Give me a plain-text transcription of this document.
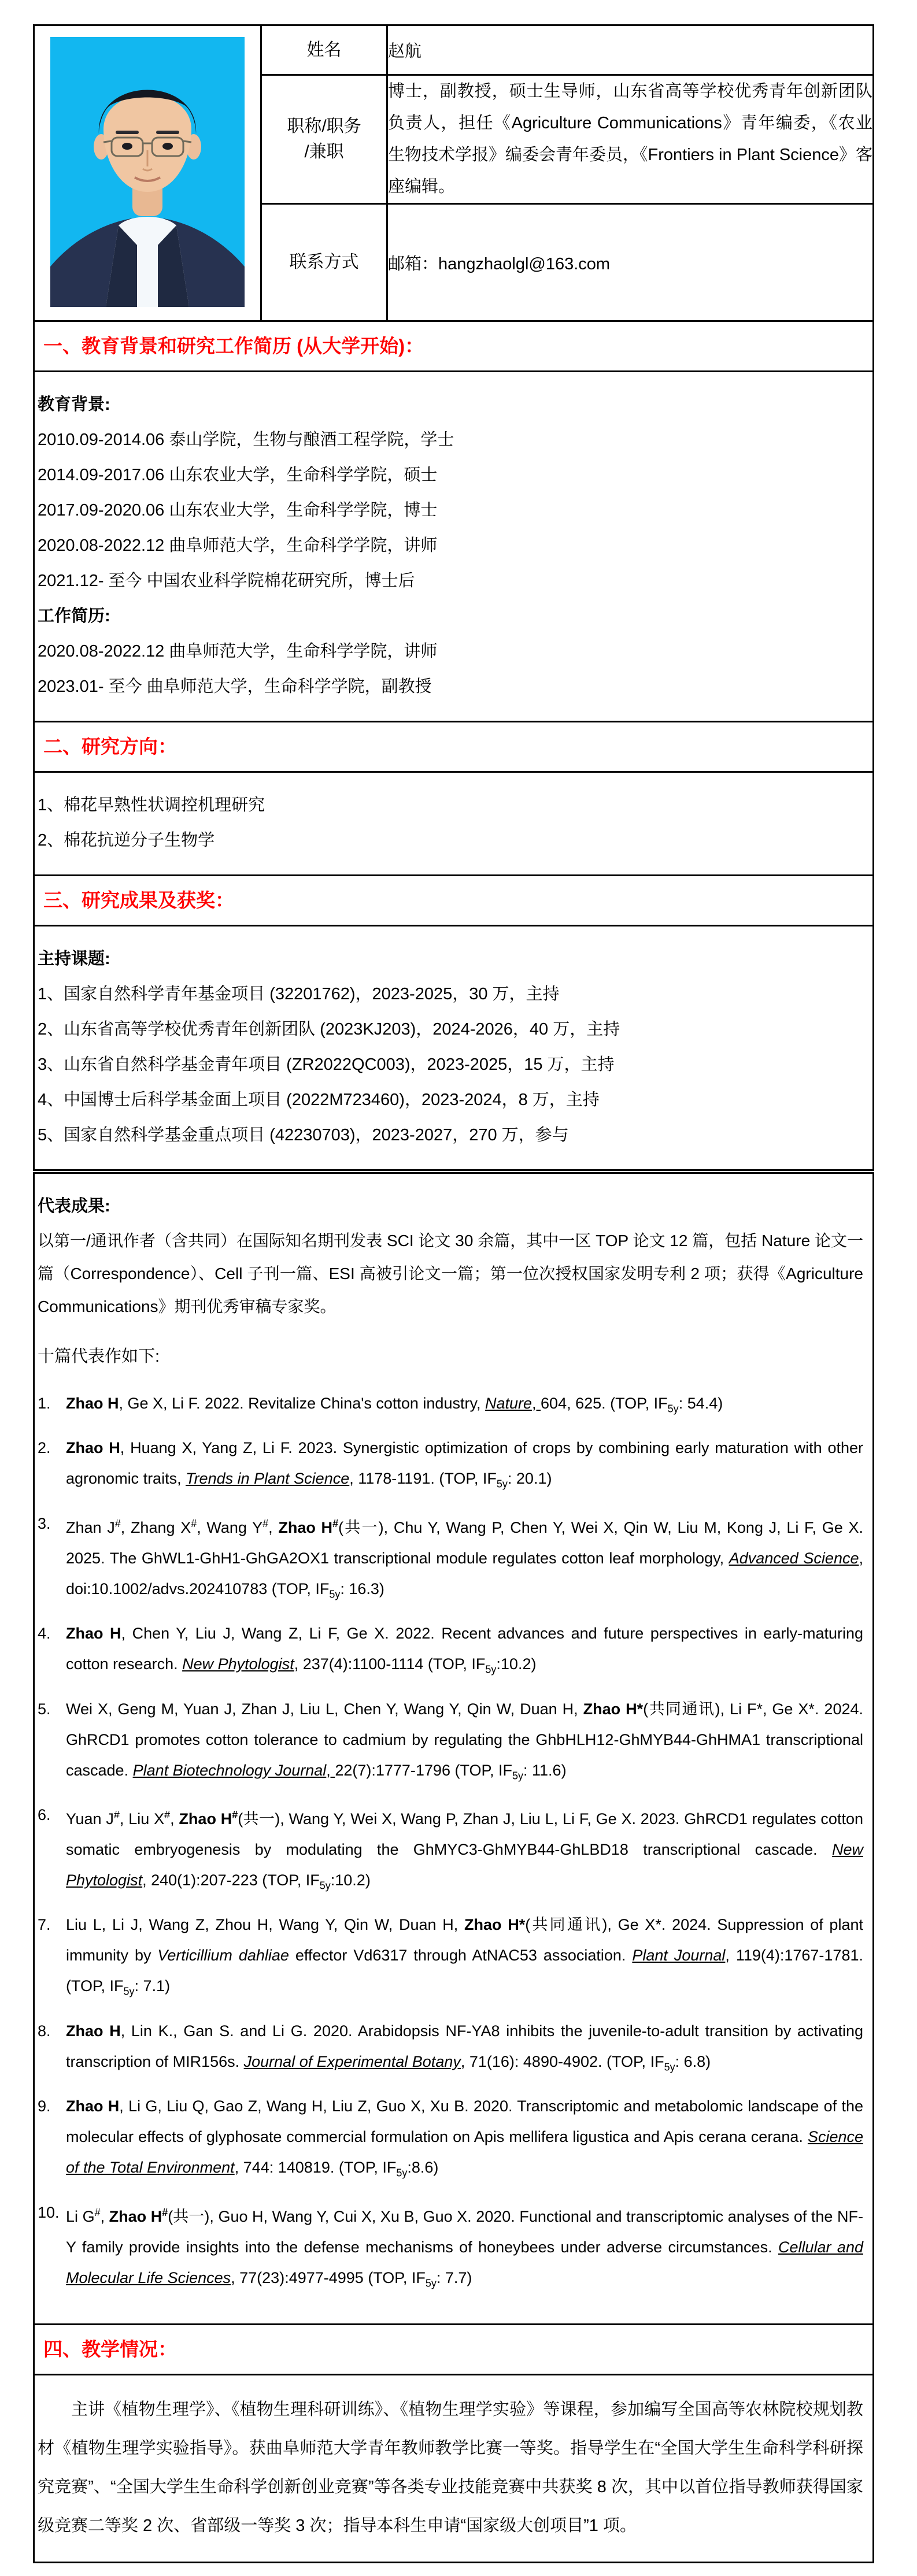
	姓名	赵航

	职称/职务
/兼职	博士，副教授，硕士生导师，山东省高等学校优秀青年创新团队负责人，担任《Agriculture Communications》青年编委，《农业生物技术学报》编委会青年委员，《Frontiers in Plant Science》客座编辑。

	联系方式	邮箱：hangzhaolgl@163.com
一、教育背景和研究工作简历 (从大学开始)：
教育背景:
2010.09-2014.06 泰山学院，生物与酿酒工程学院，学士
2014.09-2017.06 山东农业大学，生命科学学院，硕士
2017.09-2020.06 山东农业大学，生命科学学院，博士
2020.08-2022.12 曲阜师范大学，生命科学学院，讲师
2021.12- 至今 中国农业科学院棉花研究所，博士后
工作简历:
2020.08-2022.12 曲阜师范大学，生命科学学院，讲师
2023.01- 至今 曲阜师范大学，生命科学学院，副教授
二、研究方向：
1、棉花早熟性状调控机理研究
2、棉花抗逆分子生物学
三、研究成果及获奖：
主持课题:
1、国家自然科学青年基金项目 (32201762)，2023-2025，30 万，主持
2、山东省高等学校优秀青年创新团队 (2023KJ203)，2024-2026，40 万，主持
3、山东省自然科学基金青年项目 (ZR2022QC003)，2023-2025，15 万，主持
4、中国博士后科学基金面上项目 (2022M723460)，2023-2024，8 万，主持
5、国家自然科学基金重点项目 (42230703)，2023-2027，270 万，参与
代表成果:
以第一/通讯作者（含共同）在国际知名期刊发表 SCI 论文 30 余篇，其中一区 TOP 论文 12 篇，包括 Nature 论文一篇（Correspondence）、Cell 子刊一篇、ESI 高被引论文一篇；第一位次授权国家发明专利 2 项；获得《Agriculture Communications》期刊优秀审稿专家奖。
十篇代表作如下:
1. Zhao H, Ge X, Li F. 2022. Revitalize China's cotton industry, Nature, 604, 625. (TOP, $IF_{5y}$: 54.4)
2. Zhao H, Huang X, Yang Z, Li F. 2023. Synergistic optimization of crops by combining early maturation with other agronomic traits, Trends in Plant Science, 1178-1191. (TOP, $IF_{5y}$: 20.1)
3. Zhan J#, Zhang X#, Wang Y#, Zhao H#(共一), Chu Y, Wang P, Chen Y, Wei X, Qin W, Liu M, Kong J, Li F, Ge X. 2025. The GhWL1-GhH1-GhGA2OX1 transcriptional module regulates cotton leaf morphology, Advanced Science, doi:10.1002/advs.202410783 (TOP, $IF_{5y}$: 16.3)
4. Zhao H, Chen Y, Liu J, Wang Z, Li F, Ge X. 2022. Recent advances and future perspectives in early-maturing cotton research. New Phytologist, 237(4):1100-1114 (TOP, $IF_{5y}:10.2$)
5. Wei X, Geng M, Yuan J, Zhan J, Liu L, Chen Y, Wang Y, Qin W, Duan H, Zhao H*(共同通讯), Li F*, Ge X*. 2024. GhRCD1 promotes cotton tolerance to cadmium by regulating the GhbHLH12-GhMYB44-GhHMA1 transcriptional cascade. Plant Biotechnology Journal, 22(7):1777-1796 (TOP, $IF_{5y}$: 11.6)
6. Yuan J#, Liu X#, Zhao H#(共一), Wang Y, Wei X, Wang P, Zhan J, Liu L, Li F, Ge X. 2023. GhRCD1 regulates cotton somatic embryogenesis by modulating the GhMYC3-GhMYB44-GhLBD18 transcriptional cascade. New Phytologist, 240(1):207-223 (TOP, $IF_{5y}:10.2$)
7. Liu L, Li J, Wang Z, Zhou H, Wang Y, Qin W, Duan H, Zhao H*(共同通讯), Ge X*. 2024. Suppression of plant immunity by Verticillium dahliae effector Vd6317 through AtNAC53 association. Plant Journal, 119(4):1767-1781. (TOP, $IF_{5y}$: 7.1)
8. Zhao H, Lin K., Gan S. and Li G. 2020. Arabidopsis NF-YA8 inhibits the juvenile-to-adult transition by activating transcription of MIR156s. Journal of Experimental Botany, 71(16): 4890-4902. (TOP, $IF_{5y}$: 6.8)
9. Zhao H, Li G, Liu Q, Gao Z, Wang H, Liu Z, Guo X, Xu B. 2020. Transcriptomic and metabolomic landscape of the molecular effects of glyphosate commercial formulation on Apis mellifera ligustica and Apis cerana cerana. Science of the Total Environment, 744: 140819. (TOP, $IF_{5y}:8.6$)
10. Li G#, Zhao H#(共一), Guo H, Wang Y, Cui X, Xu B, Guo X. 2020. Functional and transcriptomic analyses of the NF-Y family provide insights into the defense mechanisms of honeybees under adverse circumstances. Cellular and Molecular Life Sciences, 77(23):4977-4995 (TOP, $IF_{5y}$: 7.7)
四、教学情况：
主讲《植物生理学》、《植物生理科研训练》、《植物生理学实验》等课程，参加编写全国高等农林院校规划教材《植物生理学实验指导》。获曲阜师范大学青年教师教学比赛一等奖。指导学生在“全国大学生生命科学科研探究竞赛”、“全国大学生生命科学创新创业竞赛”等各类专业技能竞赛中共获奖 8 次，其中以首位指导教师获得国家级竞赛二等奖 2 次、省部级一等奖 3 次；指导本科生申请“国家级大创项目”1 项。
